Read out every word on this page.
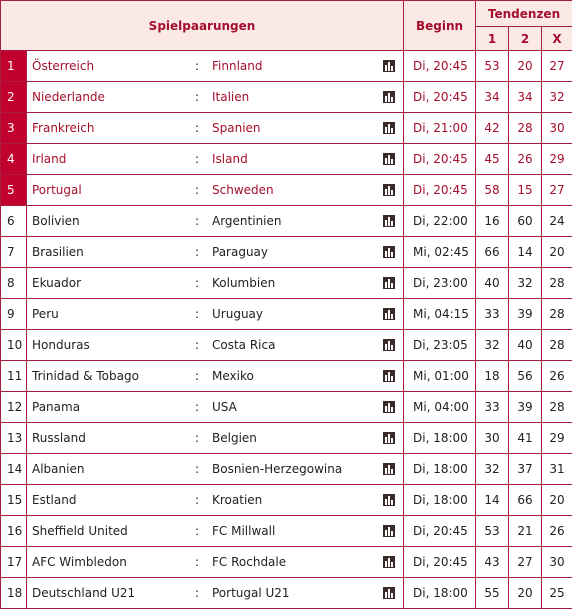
Spielpaarungen		Beginn	Tendenzen		
			1	2	X
1	Österreich : Finnland	Di, 20:45	53	20	27
2	Niederlande : Italien	Di, 20:45	34	34	32
3	Frankreich : Spanien	Di, 21:00	42	28	30
4	Irland : Island	Di, 20:45	45	26	29
5	Portugal : Schweden	Di, 20:45	58	15	27
6	Bolivien : Argentinien	Di, 22:00	16	60	24
7	Brasilien : Paraguay	Mi, 02:45	66	14	20
8	Ekuador : Kolumbien	Di, 23:00	40	32	28
9	Peru : Uruguay	Mi, 04:15	33	39	28
10	Honduras : Costa Rica	Di, 23:05	32	40	28
11	Trinidad & Tobago : Mexiko	Mi, 01:00	18	56	26
12	Panama : USA	Mi, 04:00	33	39	28
13	Russland : Belgien	Di, 18:00	30	41	29
14	Albanien : Bosnien-Herzegowina	Di, 18:00	32	37	31
15	Estland : Kroatien	Di, 18:00	14	66	20
16	Sheffield United : FC Millwall	Di, 20:45	53	21	26
17	AFC Wimbledon : FC Rochdale	Di, 20:45	43	27	30
18	Deutschland U21 : Portugal U21	Di, 18:00	55	20	25
